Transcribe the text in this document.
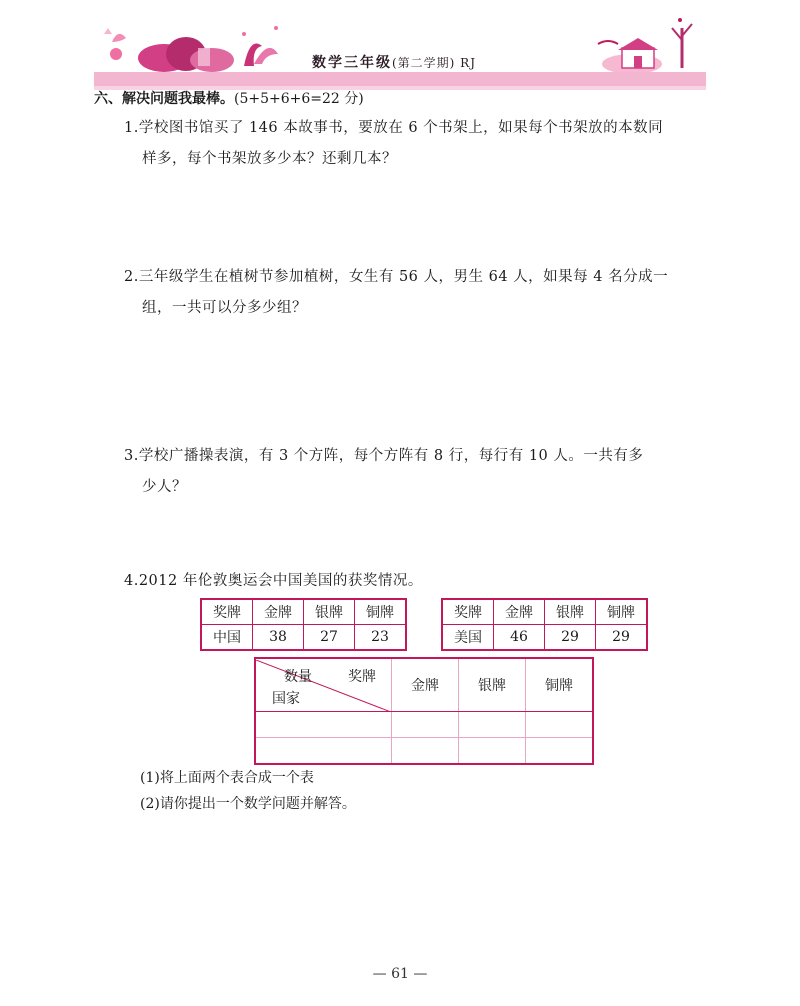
数学三年级(第二学期) RJ
六、解决问题我最棒。(5+5+6+6=22 分)
1.学校图书馆买了 146 本故事书，要放在 6 个书架上，如果每个书架放的本数同
样多，每个书架放多少本？还剩几本？
2.三年级学生在植树节参加植树，女生有 56 人，男生 64 人，如果每 4 名分成一
组，一共可以分多少组？
3.学校广播操表演，有 3 个方阵，每个方阵有 8 行，每行有 10 人。一共有多
少人？
4.2012 年伦敦奥运会中国美国的获奖情况。
奖牌	金牌	银牌	铜牌
中国	38	27	23
奖牌	金牌	银牌	铜牌
美国	46	29	29
数量 奖牌
国家	金牌	银牌	铜牌

(1)将上面两个表合成一个表
(2)请你提出一个数学问题并解答。
— 61 —
